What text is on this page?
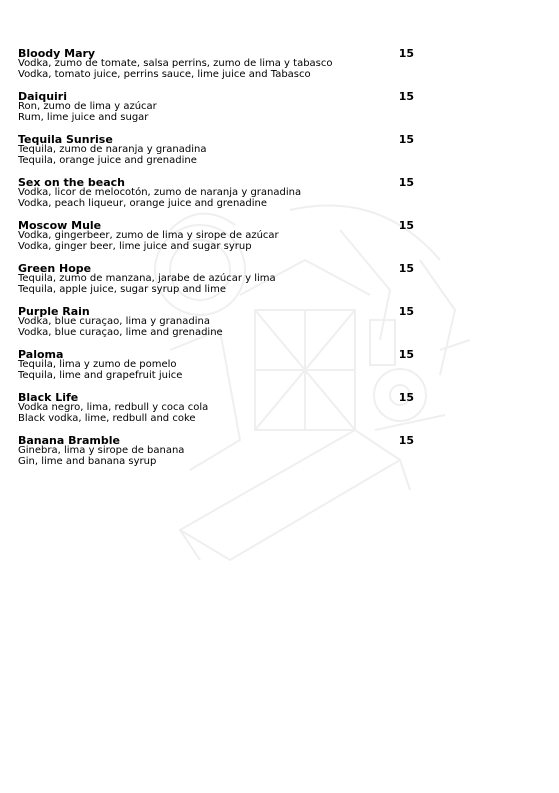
Bloody Mary	15
Vodka, zumo de tomate, salsa perrins, zumo de lima y tabasco
Vodka, tomato juice, perrins sauce, lime juice and Tabasco
Daiquiri	15
Ron, zumo de lima y azúcar
Rum, lime juice and sugar
Tequila Sunrise	15
Tequila, zumo de naranja y granadina
Tequila, orange juice and grenadine
Sex on the beach	15
Vodka, licor de melocotón, zumo de naranja y granadina
Vodka, peach liqueur, orange juice and grenadine
Moscow Mule	15
Vodka, gingerbeer, zumo de lima y sirope de azúcar
Vodka, ginger beer, lime juice and sugar syrup
Green Hope	15
Tequila, zumo de manzana, jarabe de azúcar y lima
Tequila, apple juice, sugar syrup and lime
Purple Rain	15
Vodka, blue curaçao, lima y granadina
Vodka, blue curaçao, lime and grenadine
Paloma	15
Tequila, lima y zumo de pomelo
Tequila, lime and grapefruit juice
Black Life	15
Vodka negro, lima, redbull y coca cola
Black vodka, lime, redbull and coke
Banana Bramble	15
Ginebra, lima y sirope de banana
Gin, lime and banana syrup
